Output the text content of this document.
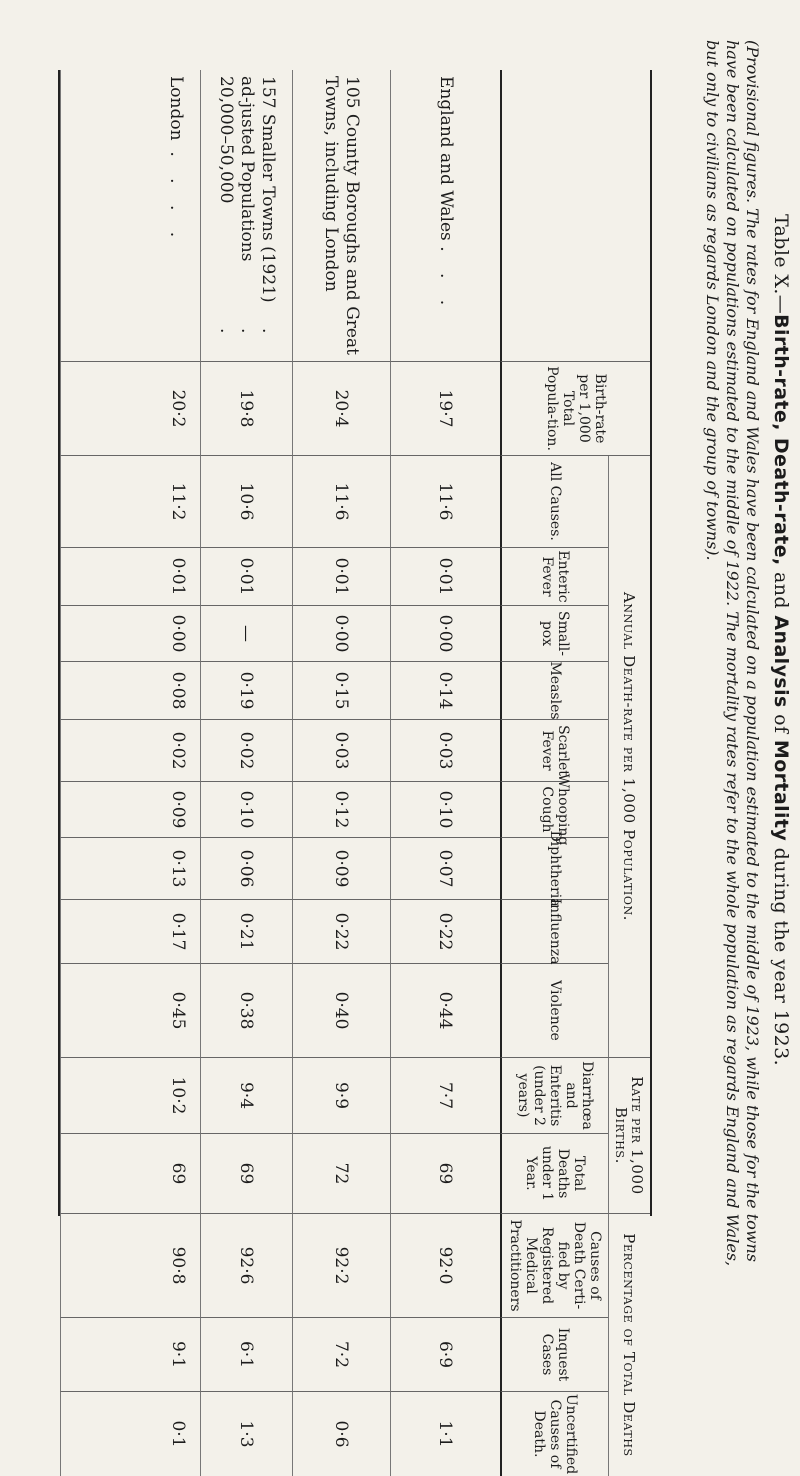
Table X.—Birth-rate, Death-rate, and Analysis of Mortality during the year 1923.
(Provisional figures. The rates for England and Wales have been calculated on a population estimated to the middle of 1923, while those for the towns have been calculated on populations estimated to the middle of 1922. The mortality rates refer to the whole population as regards England and Wales, but only to civilians as regards London and the group of towns).
Birth-rate per 1,000 Total Popula-tion.
Annual Death-rate per 1,000 Population.
Rate per 1,000 Births.
Percentage of Total Deaths
All Causes.
Enteric Fever
Small-pox
Measles
Scarlet Fever
Whooping Cough
Diphtheria
Influenza
Violence
Diarrhœa and Enteritis (under 2 years)
Total Deaths under 1 Year.
Causes of Death Certi-fied by Registered Medical Practitioners
Inquest Cases
Uncertified Causes of Death.
England and Wales

. . .
19·7
11·6
0·01
0·00
0·14
0·03
0·10
0·07
0·22
0·44
7·7
69
92·0
6·9
1·1
105 County Boroughs and Great Towns, including London
20·4
11·6
0·01
0·00
0·15
0·03
0·12
0·09
0·22
0·40
9·9
72
92·2
7·2
0·6
157 Smaller Towns (1921) ad-justed Populations 20,000–50,000

. . .
19·8
10·6
0·01
—
0·19
0·02
0·10
0·06
0·21
0·38
9·4
69
92·6
6·1
1·3
London

. . . .
20·2
11·2
0·01
0·00
0·08
0·02
0·09
0·13
0·17
0·45
10·2
69
90·8
9·1
0·1
